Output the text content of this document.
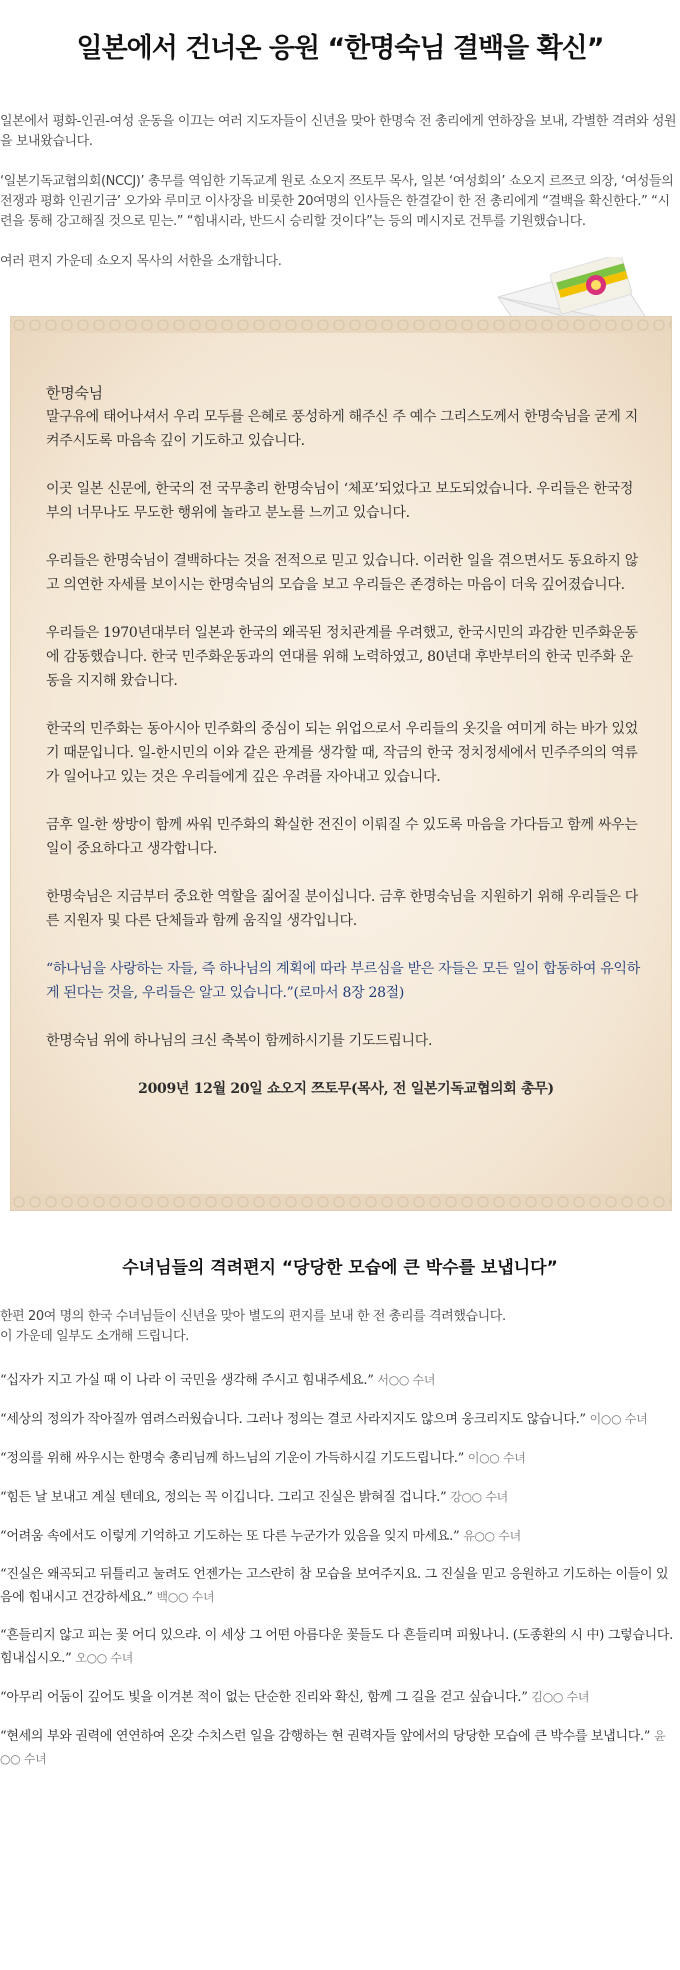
일본에서 건너온 응원 “한명숙님 결백을 확신”

일본에서 평화-인권-여성 운동을 이끄는 여러 지도자들이 신년을 맞아 한명숙 전 총리에게 연하장을 보내, 각별한 격려와 성원을 보내왔습니다.

‘일본기독교협의회(NCCJ)’ 총무를 역임한 기독교계 원로 쇼오지 쯔토무 목사, 일본 ‘여성회의’ 쇼오지 르쯔코 의장, ‘여성들의 전쟁과 평화 인권기금’ 오가와 루미코 이사장을 비롯한 20여명의 인사들은 한결같이 한 전 총리에게 “결백을 확신한다.” “시련을 통해 강고해질 것으로 믿는.” “힘내시라, 반드시 승리할 것이다”는 등의 메시지로 건투를 기원했습니다.

여러 편지 가운데 쇼오지 목사의 서한을 소개합니다.

한명숙님

말구유에 태어나셔서 우리 모두를 은혜로 풍성하게 해주신 주 예수 그리스도께서 한명숙님을 굳게 지켜주시도록 마음속 깊이 기도하고 있습니다.

이곳 일본 신문에, 한국의 전 국무총리 한명숙님이 ‘체포’되었다고 보도되었습니다. 우리들은 한국정부의 너무나도 무도한 행위에 놀라고 분노를 느끼고 있습니다.

우리들은 한명숙님이 결백하다는 것을 전적으로 믿고 있습니다. 이러한 일을 겪으면서도 동요하지 않고 의연한 자세를 보이시는 한명숙님의 모습을 보고 우리들은 존경하는 마음이 더욱 깊어졌습니다.

우리들은 1970년대부터 일본과 한국의 왜곡된 정치관계를 우려했고, 한국시민의 과감한 민주화운동에 감동했습니다. 한국 민주화운동과의 연대를 위해 노력하였고, 80년대 후반부터의 한국 민주화 운동을 지지해 왔습니다.

한국의 민주화는 동아시아 민주화의 중심이 되는 위업으로서 우리들의 옷깃을 여미게 하는 바가 있었기 때문입니다. 일-한시민의 이와 같은 관계를 생각할 때, 작금의 한국 정치정세에서 민주주의의 역류가 일어나고 있는 것은 우리들에게 깊은 우려를 자아내고 있습니다.

금후 일-한 쌍방이 함께 싸워 민주화의 확실한 전진이 이뤄질 수 있도록 마음을 가다듬고 함께 싸우는 일이 중요하다고 생각합니다.

한명숙님은 지금부터 중요한 역할을 짊어질 분이십니다. 금후 한명숙님을 지원하기 위해 우리들은 다른 지원자 및 다른 단체들과 함께 움직일 생각입니다.

“하나님을 사랑하는 자들, 즉 하나님의 계획에 따라 부르심을 받은 자들은 모든 일이 합동하여 유익하게 된다는 것을, 우리들은 알고 있습니다.”(로마서 8장 28절)

한명숙님 위에 하나님의 크신 축복이 함께하시기를 기도드립니다.

2009년 12월 20일 쇼오지 쯔토무(목사, 전 일본기독교협의회 총무)

수녀님들의 격려편지 “당당한 모습에 큰 박수를 보냅니다”
한편 20여 명의 한국 수녀님들이 신년을 맞아 별도의 편지를 보내 한 전 총리를 격려했습니다.
이 가운데 일부도 소개해 드립니다.

“십자가 지고 가실 때 이 나라 이 국민을 생각해 주시고 힘내주세요.” 서○○ 수녀

“세상의 정의가 작아질까 염려스러웠습니다. 그러나 정의는 결코 사라지지도 않으며 웅크리지도 않습니다.” 이○○ 수녀

“정의를 위해 싸우시는 한명숙 총리님께 하느님의 기운이 가득하시길 기도드립니다.” 이○○ 수녀

“힘든 날 보내고 계실 텐데요, 정의는 꼭 이깁니다. 그리고 진실은 밝혀질 겁니다.” 강○○ 수녀

“어려움 속에서도 이렇게 기억하고 기도하는 또 다른 누군가가 있음을 잊지 마세요.” 유○○ 수녀

“진실은 왜곡되고 뒤틀리고 눌려도 언젠가는 고스란히 참 모습을 보여주지요. 그 진실을 믿고 응원하고 기도하는 이들이 있음에 힘내시고 건강하세요.” 백○○ 수녀

“흔들리지 않고 피는 꽃 어디 있으랴. 이 세상 그 어떤 아름다운 꽃들도 다 흔들리며 피웠나니. (도종환의 시 中) 그렇습니다. 힘내십시오.” 오○○ 수녀

“아무리 어둠이 깊어도 빛을 이겨본 적이 없는 단순한 진리와 확신, 함께 그 길을 걷고 싶습니다.” 김○○ 수녀

“현세의 부와 권력에 연연하여 온갖 수치스런 일을 감행하는 현 권력자들 앞에서의 당당한 모습에 큰 박수를 보냅니다.” 윤○○ 수녀
